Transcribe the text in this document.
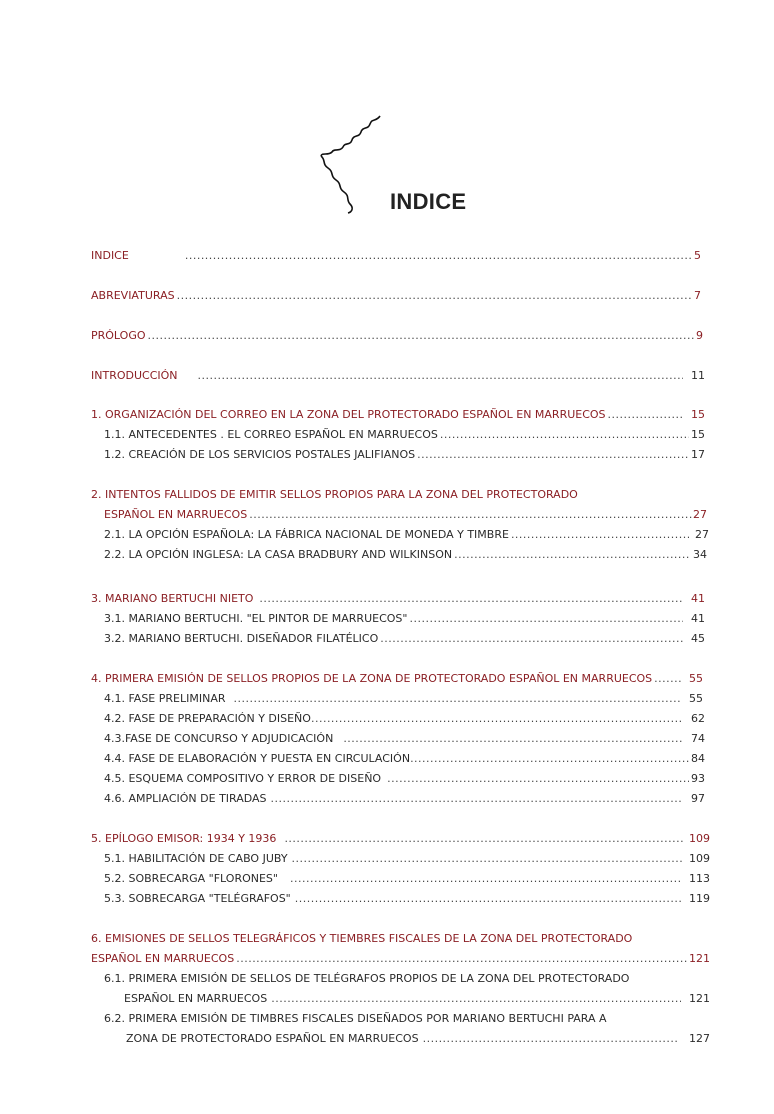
INDICE
INDICE .....	5
ABREVIATURAS .....	7
PRÓLOGO .....	9
INTRODUCCIÓN .....	11
1. ORGANIZACIÓN DEL CORREO EN LA ZONA DEL PROTECTORADO ESPAÑOL EN MARRUECOS .....	15
1.1. ANTECEDENTES . EL CORREO ESPAÑOL EN MARRUECOS .....	15
1.2. CREACIÓN DE LOS SERVICIOS POSTALES JALIFIANOS .....	17
2. INTENTOS FALLIDOS DE EMITIR SELLOS PROPIOS PARA LA ZONA DEL PROTECTORADO
ESPAÑOL EN MARRUECOS .....	27
2.1. LA OPCIÓN ESPAÑOLA: LA FÁBRICA NACIONAL DE MONEDA Y TIMBRE .....	27
2.2. LA OPCIÓN INGLESA: LA CASA BRADBURY AND WILKINSON .....	34
3. MARIANO BERTUCHI NIETO .....	41
3.1. MARIANO BERTUCHI. "EL PINTOR DE MARRUECOS" .....	41
3.2. MARIANO BERTUCHI. DISEÑADOR FILATÉLICO .....	45
4. PRIMERA EMISIÓN DE SELLOS PROPIOS DE LA ZONA DE PROTECTORADO ESPAÑOL EN MARRUECOS .....	55
4.1. FASE PRELIMINAR .....	55
4.2. FASE DE PREPARACIÓN Y DISEÑO .....	62
4.3.FASE DE CONCURSO Y ADJUDICACIÓN .....	74
4.4. FASE DE ELABORACIÓN Y PUESTA EN CIRCULACIÓN .....	84
4.5. ESQUEMA COMPOSITIVO Y ERROR DE DISEÑO .....	93
4.6. AMPLIACIÓN DE TIRADAS .....	97
5. EPÍLOGO EMISOR: 1934 Y 1936 .....	109
5.1. HABILITACIÓN DE CABO JUBY .....	109
5.2. SOBRECARGA "FLORONES" .....	113
5.3. SOBRECARGA "TELÉGRAFOS" .....	119
6. EMISIONES DE SELLOS TELEGRÁFICOS Y TIEMBRES FISCALES DE LA ZONA DEL PROTECTORADO
ESPAÑOL EN MARRUECOS .....	121
6.1. PRIMERA EMISIÓN DE SELLOS DE TELÉGRAFOS PROPIOS DE LA ZONA DEL PROTECTORADO
ESPAÑOL EN MARRUECOS .....	121
6.2. PRIMERA EMISIÓN DE TIMBRES FISCALES DISEÑADOS POR MARIANO BERTUCHI PARA A
ZONA DE PROTECTORADO ESPAÑOL EN MARRUECOS .....	127
